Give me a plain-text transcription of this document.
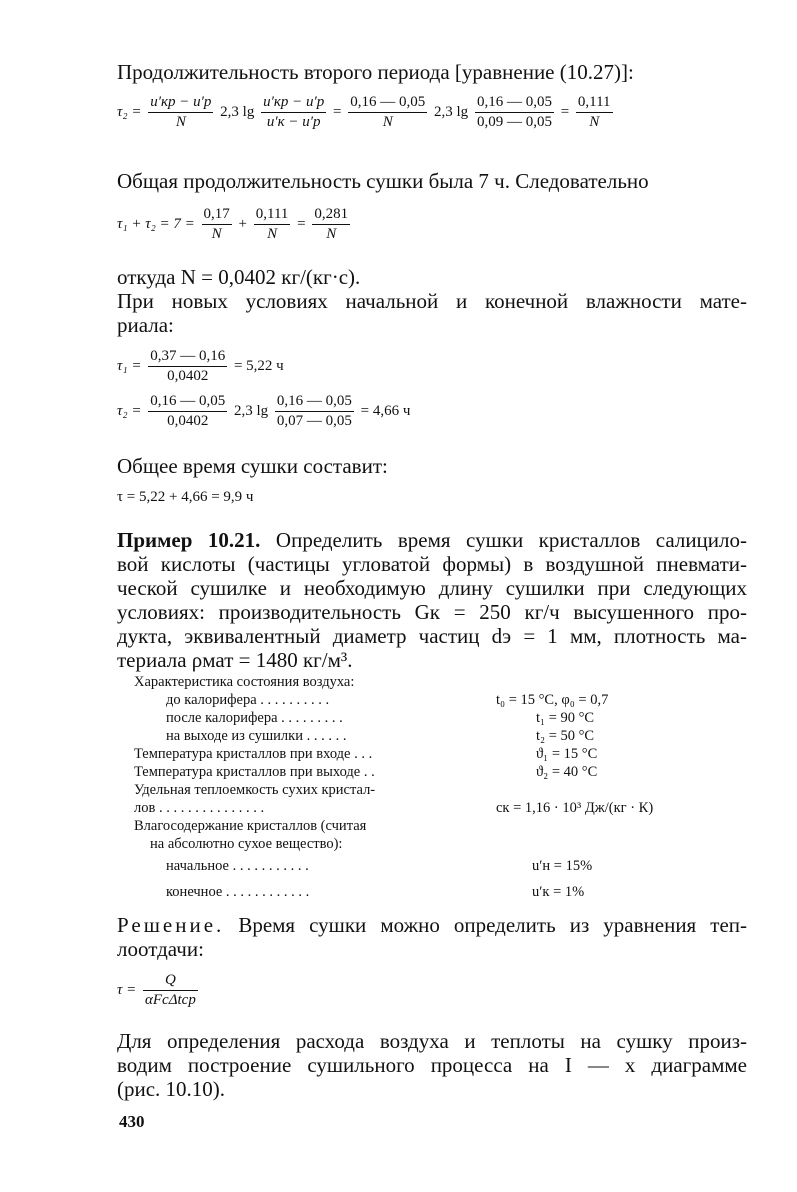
Продолжительность второго периода [уравнение (10.27)]:
$\tau_2 = \frac{u'кр - u'р}{N} 2,3$ $\lg \frac{u'кр - u'р}{u'к - u'р} = \frac{0,16 — 0,05}{N} 2,3$ $\lg \frac{0,16 — 0,05}{0,09 — 0,05} = \frac{0,111}{N}$
Общая продолжительность сушки была 7 ч. Следовательно
$\tau_1 + \tau_2 = 7 = \frac{0,17}{N} + \frac{0,111}{N} = \frac{0,281}{N}$
откуда N = 0,0402 кг/(кг·с).
При новых условиях начальной и конечной влажности мате-
риала:
$\tau_1 = \frac{0,37 — 0,16}{0,0402} = 5,22$ ч
$\tau_2 = \frac{0,16 — 0,05}{0,0402} 2,3$ $\lg \frac{0,16 — 0,05}{0,07 — 0,05} = 4,66$ ч
Общее время сушки составит:
τ = 5,22 + 4,66 = 9,9 ч
Пример 10.21. Определить время сушки кристаллов салицило-
вой кислоты (частицы угловатой формы) в воздушной пневмати-
ческой сушилке и необходимую длину сушилки при следующих
условиях: производительность Gк = 250 кг/ч высушенного про-
дукта, эквивалентный диаметр частиц dэ = 1 мм, плотность ма-
териала ρмат = 1480 кг/м³.
Характеристика состояния воздуха:
до калорифера . . . . . . . . . .	t₀ = 15 °C, φ₀ = 0,7
после калорифера . . . . . . . . .	t₁ = 90 °C
на выходе из сушилки . . . . . .	t₂ = 50 °C
Температура кристаллов при входе . . .	ϑ₁ = 15 °C
Температура кристаллов при выходе . .	ϑ₂ = 40 °C
Удельная теплоемкость сухих кристал-
лов . . . . . . . . . . . . . . .	cк = 1,16 · 10³ Дж/(кг · К)
Влагосодержание кристаллов (считая
на абсолютно сухое вещество):
начальное . . . . . . . . . . .	u′н = 15%
конечное . . . . . . . . . . . .	u′к = 1%
Решение. Время сушки можно определить из уравнения теп-
лоотдачи:
$\tau = \frac{Q}{\text{αFсΔtср}}$
Для определения расхода воздуха и теплоты на сушку произ-
водим построение сушильного процесса на I — x диаграмме
(рис. 10.10).
430
